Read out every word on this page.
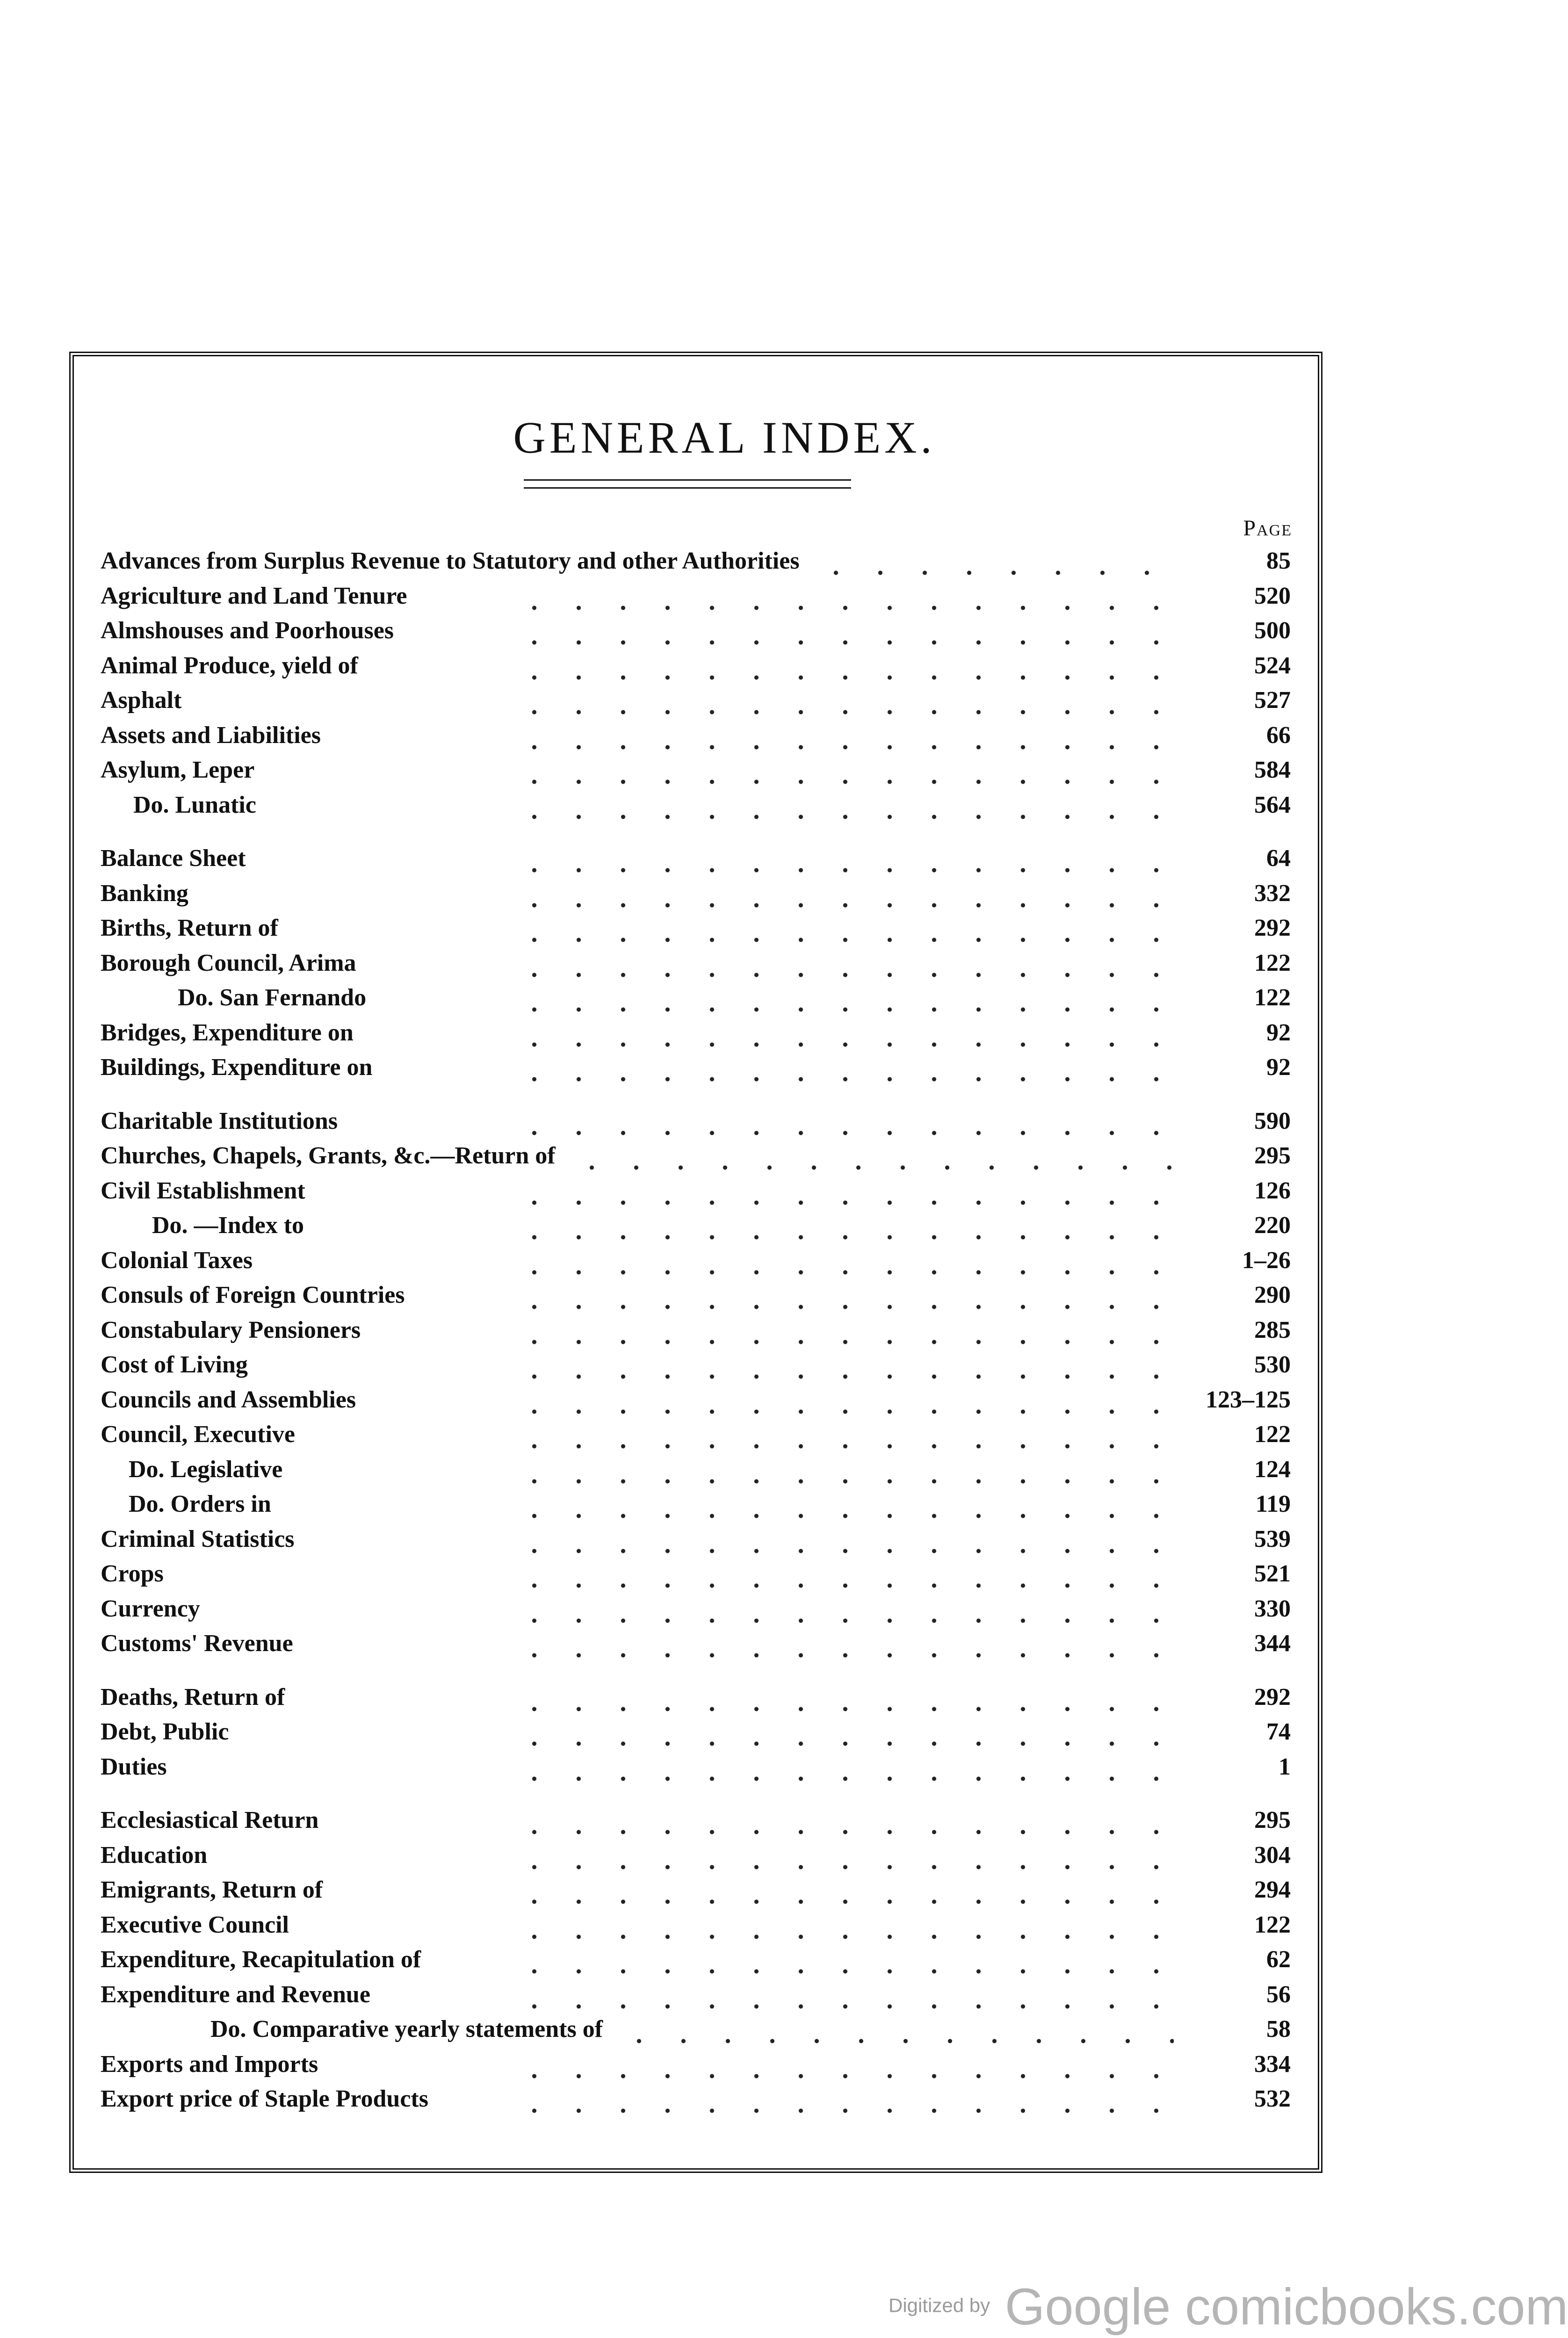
GENERAL INDEX.
Page
Advances from Surplus Revenue to Statutory and other Authorities	85
Agriculture and Land Tenure	520
Almshouses and Poorhouses	500
Animal Produce, yield of	524
Asphalt	527
Assets and Liabilities	66
Asylum, Leper	584
Do. Lunatic	564
Balance Sheet	64
Banking	332
Births, Return of	292
Borough Council, Arima	122
Do. San Fernando	122
Bridges, Expenditure on	92
Buildings, Expenditure on	92
Charitable Institutions	590
Churches, Chapels, Grants, &c.—Return of	295
Civil Establishment	126
Do. —Index to	220
Colonial Taxes	1–26
Consuls of Foreign Countries	290
Constabulary Pensioners	285
Cost of Living	530
Councils and Assemblies	123–125
Council, Executive	122
Do. Legislative	124
Do. Orders in	119
Criminal Statistics	539
Crops	521
Currency	330
Customs' Revenue	344
Deaths, Return of	292
Debt, Public	74
Duties	1
Ecclesiastical Return	295
Education	304
Emigrants, Return of	294
Executive Council	122
Expenditure, Recapitulation of	62
Expenditure and Revenue	56
Do. Comparative yearly statements of	58
Exports and Imports	334
Export price of Staple Products	532
Digitized by Google comicbooks.com
